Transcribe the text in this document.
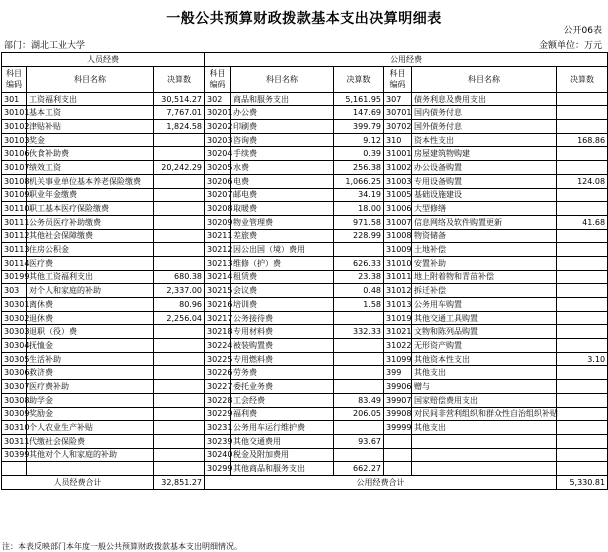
一般公共预算财政拨款基本支出决算明细表
公开06表
部门：湖北工业大学	金额单位：万元
人员经费			公用经费					
科目编码	科目名称	决算数	科目编码	科目名称	决算数	科目编码	科目名称	决算数
301	工资福利支出	30,514.27	302	商品和服务支出	5,161.95	307	债务利息及费用支出	
30101	基本工资	7,767.01	30201	办公费	147.69	30701	国内债务付息	
30102	津贴补贴	1,824.58	30202	印刷费	399.79	30702	国外债务付息	
30103	奖金		30203	咨询费	9.12	310	资本性支出	168.86
30106	伙食补助费		30204	手续费	0.39	31001	房屋建筑物购建	
30107	绩效工资	20,242.29	30205	水费	256.38	31002	办公设备购置	
30108	机关事业单位基本养老保险缴费		30206	电费	1,066.25	31003	专用设备购置	124.08
30109	职业年金缴费		30207	邮电费	34.19	31005	基础设施建设	
30110	职工基本医疗保险缴费		30208	取暖费	18.00	31006	大型修缮	
30111	公务员医疗补助缴费		30209	物业管理费	971.58	31007	信息网络及软件购置更新	41.68
30112	其他社会保障缴费		30211	差旅费	228.99	31008	物资储备	
30113	住房公积金		30212	因公出国（境）费用		31009	土地补偿	
30114	医疗费		30213	维修（护）费	626.33	31010	安置补助	
30199	其他工资福利支出	680.38	30214	租赁费	23.38	31011	地上附着物和青苗补偿	
303	对个人和家庭的补助	2,337.00	30215	会议费	0.48	31012	拆迁补偿	
30301	离休费	80.96	30216	培训费	1.58	31013	公务用车购置	
30302	退休费	2,256.04	30217	公务接待费		31019	其他交通工具购置	
30303	退职（役）费		30218	专用材料费	332.33	31021	文物和陈列品购置	
30304	抚恤金		30224	被装购置费		31022	无形资产购置	
30305	生活补助		30225	专用燃料费		31099	其他资本性支出	3.10
30306	救济费		30226	劳务费		399	其他支出	
30307	医疗费补助		30227	委托业务费		39906	赠与	
30308	助学金		30228	工会经费	83.49	39907	国家赔偿费用支出	
30309	奖励金		30229	福利费	206.05	39908	对民间非营利组织和群众性自治组织补贴	
30310	个人农业生产补贴		30231	公务用车运行维护费		39999	其他支出	
30311	代缴社会保险费		30239	其他交通费用	93.67			
30399	其他对个人和家庭的补助		30240	税金及附加费用				
			30299	其他商品和服务支出	662.27			
人员经费合计		32,851.27	公用经费合计					5,330.81
注：本表反映部门本年度一般公共预算财政拨款基本支出明细情况。
